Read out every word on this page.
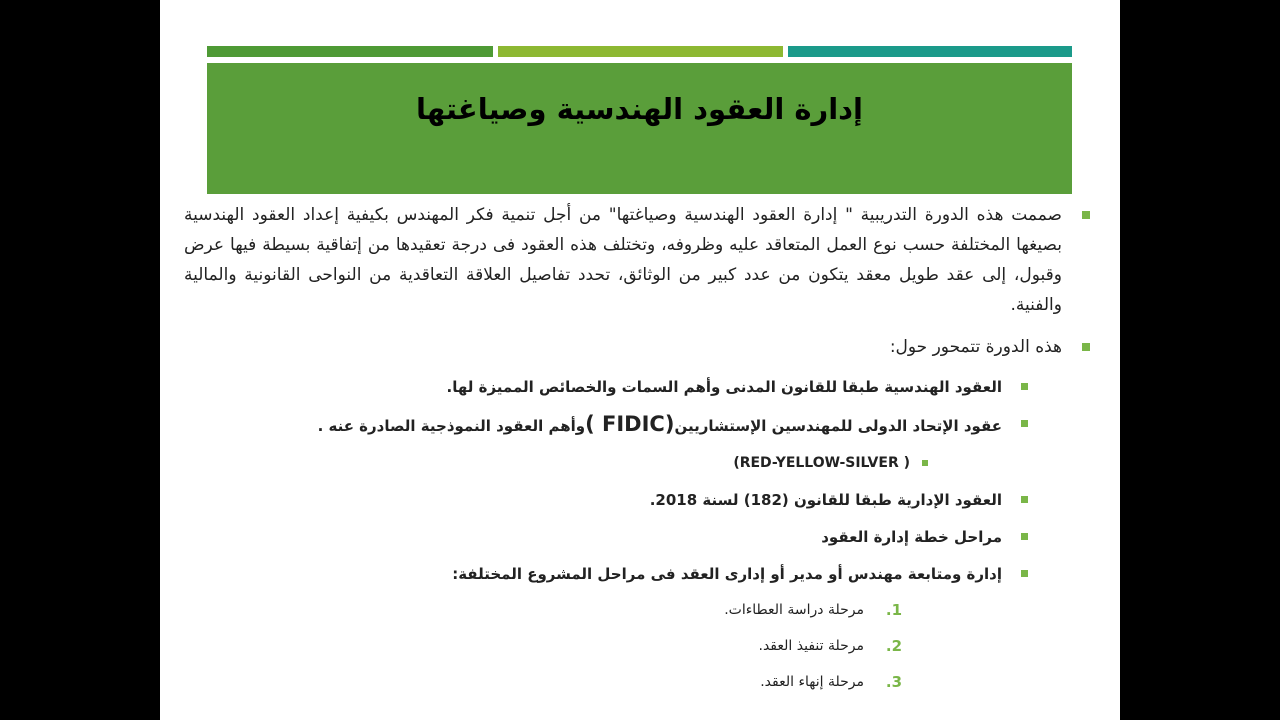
إدارة العقود الهندسية وصياغتها
صممت هذه الدورة التدريبية " إدارة العقود الهندسية وصياغتها" من أجل تنمية فكر المهندس بكيفية إعداد العقود الهندسية بصيغها المختلفة حسب نوع العمل المتعاقد عليه وظروفه، وتختلف هذه العقود فى درجة تعقيدها من إتفاقية بسيطة فيها عرض وقبول، إلى عقد طويل معقد يتكون من عدد كبير من الوثائق، تحدد تفاصيل العلاقة التعاقدية من النواحى القانونية والمالية والفنية.
هذه الدورة تتمحور حول:
العقود الهندسية طبقا للقانون المدنى وأهم السمات والخصائص المميزة لها.
عقود الإتحاد الدولى للمهندسين الإستشاريين(FIDIC )وأهم العقود النموذجية الصادرة عنه .
(RED-YELLOW-SILVER )
العقود الإدارية طبقا للقانون (182) لسنة 2018.
مراحل خطة إدارة العقود
إدارة ومتابعة مهندس أو مدير أو إدارى العقد فى مراحل المشروع المختلفة:
1.
مرحلة دراسة العطاءات.
2.
مرحلة تنفيذ العقد.
3.
مرحلة إنهاء العقد.
